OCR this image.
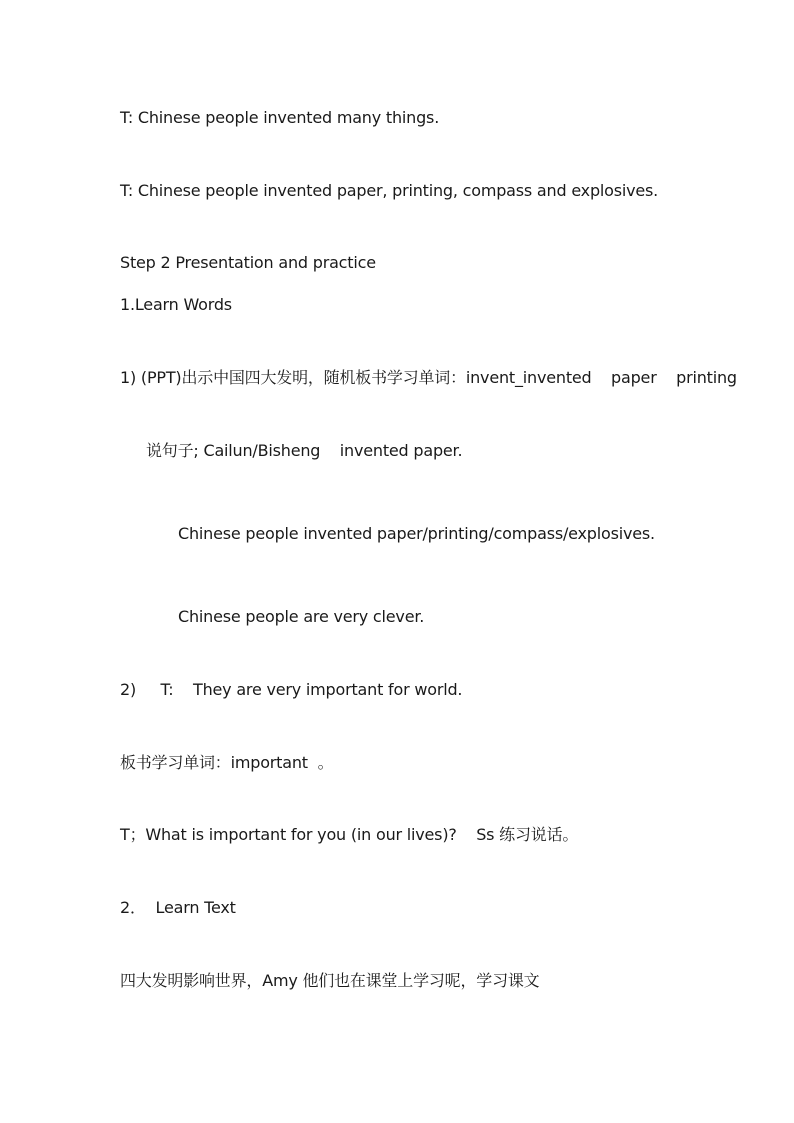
T: Chinese people invented many things.
T: Chinese people invented paper, printing, compass and explosives.
Step 2 Presentation and practice
1.Learn Words
1) (PPT)出示中国四大发明，随机板书学习单词：invent_invented    paper    printing
说句子; Cailun/Bisheng    invented paper.
Chinese people invented paper/printing/compass/explosives.
Chinese people are very clever.
2)     T:    They are very important for world.
板书学习单词：important  。
T；What is important for you (in our lives)?    Ss 练习说话。
2．  Learn Text
四大发明影响世界，Amy 他们也在课堂上学习呢，学习课文
